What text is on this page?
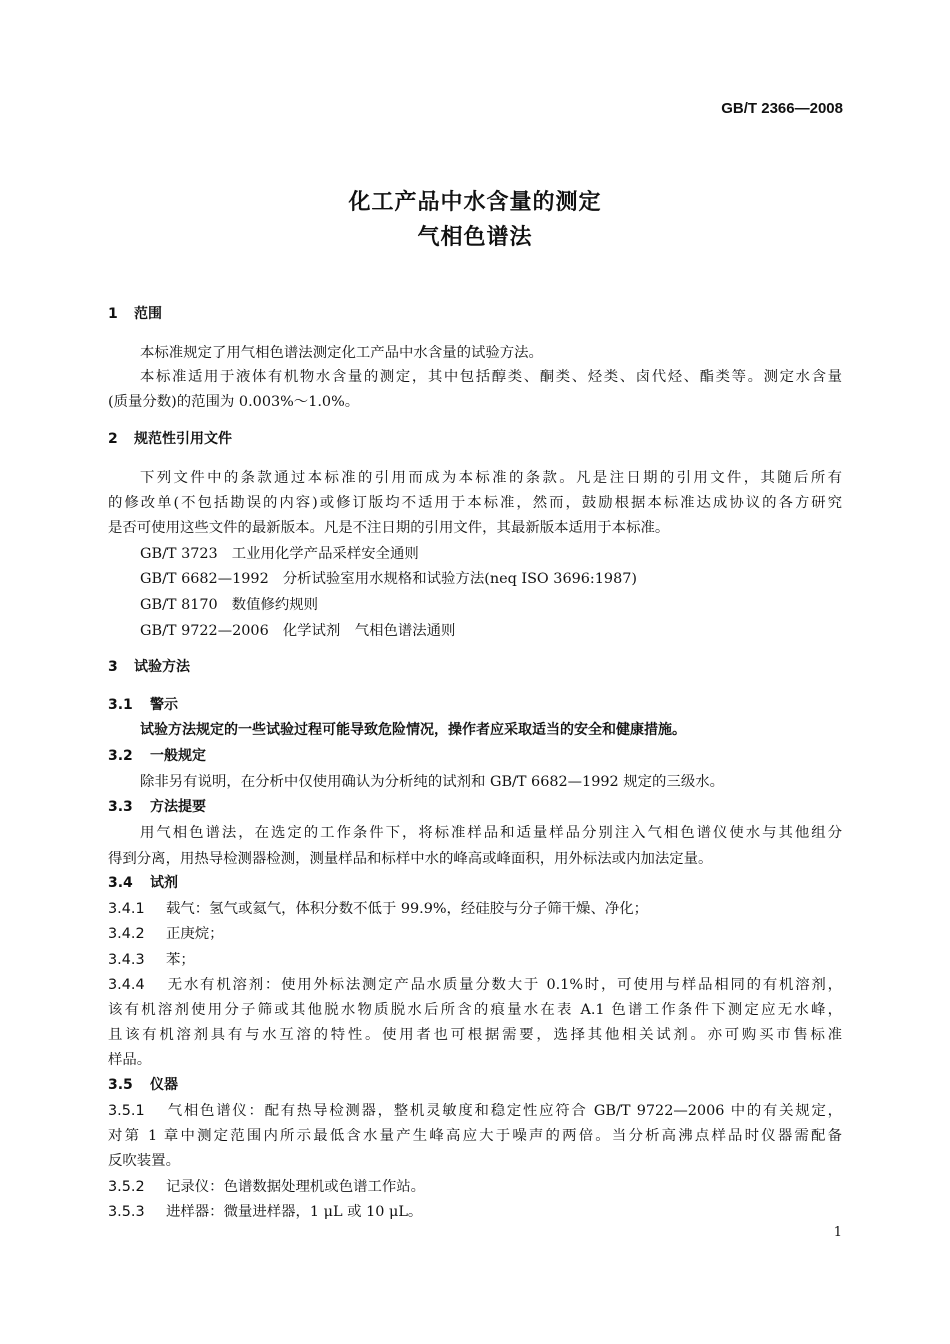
GB/T 2366—2008
化工产品中水含量的测定
气相色谱法
1 范围
本标准规定了用气相色谱法测定化工产品中水含量的试验方法。
本标准适用于液体有机物水含量的测定，其中包括醇类、酮类、烃类、卤代烃、酯类等。测定水含量
(质量分数)的范围为 0.003%～1.0%。
2 规范性引用文件
下列文件中的条款通过本标准的引用而成为本标准的条款。凡是注日期的引用文件，其随后所有
的修改单(不包括勘误的内容)或修订版均不适用于本标准，然而，鼓励根据本标准达成协议的各方研究
是否可使用这些文件的最新版本。凡是不注日期的引用文件，其最新版本适用于本标准。
GB/T 3723 工业用化学产品采样安全通则
GB/T 6682—1992 分析试验室用水规格和试验方法(neq ISO 3696:1987)
GB/T 8170 数值修约规则
GB/T 9722—2006 化学试剂　气相色谱法通则
3 试验方法
3.1 警示
试验方法规定的一些试验过程可能导致危险情况，操作者应采取适当的安全和健康措施。
3.2 一般规定
除非另有说明，在分析中仅使用确认为分析纯的试剂和 GB/T 6682—1992 规定的三级水。
3.3 方法提要
用气相色谱法，在选定的工作条件下，将标准样品和适量样品分别注入气相色谱仪使水与其他组分
得到分离，用热导检测器检测，测量样品和标样中水的峰高或峰面积，用外标法或内加法定量。
3.4 试剂
3.4.1 载气：氢气或氦气，体积分数不低于 99.9%，经硅胶与分子筛干燥、净化；
3.4.2 正庚烷；
3.4.3 苯；
3.4.4 无水有机溶剂：使用外标法测定产品水质量分数大于 0.1%时，可使用与样品相同的有机溶剂，
该有机溶剂使用分子筛或其他脱水物质脱水后所含的痕量水在表 A.1 色谱工作条件下测定应无水峰，
且该有机溶剂具有与水互溶的特性。使用者也可根据需要，选择其他相关试剂。亦可购买市售标准
样品。
3.5 仪器
3.5.1 气相色谱仪：配有热导检测器，整机灵敏度和稳定性应符合 GB/T 9722—2006 中的有关规定，
对第 1 章中测定范围内所示最低含水量产生峰高应大于噪声的两倍。当分析高沸点样品时仪器需配备
反吹装置。
3.5.2 记录仪：色谱数据处理机或色谱工作站。
3.5.3 进样器：微量进样器，1 μL 或 10 μL。
1
